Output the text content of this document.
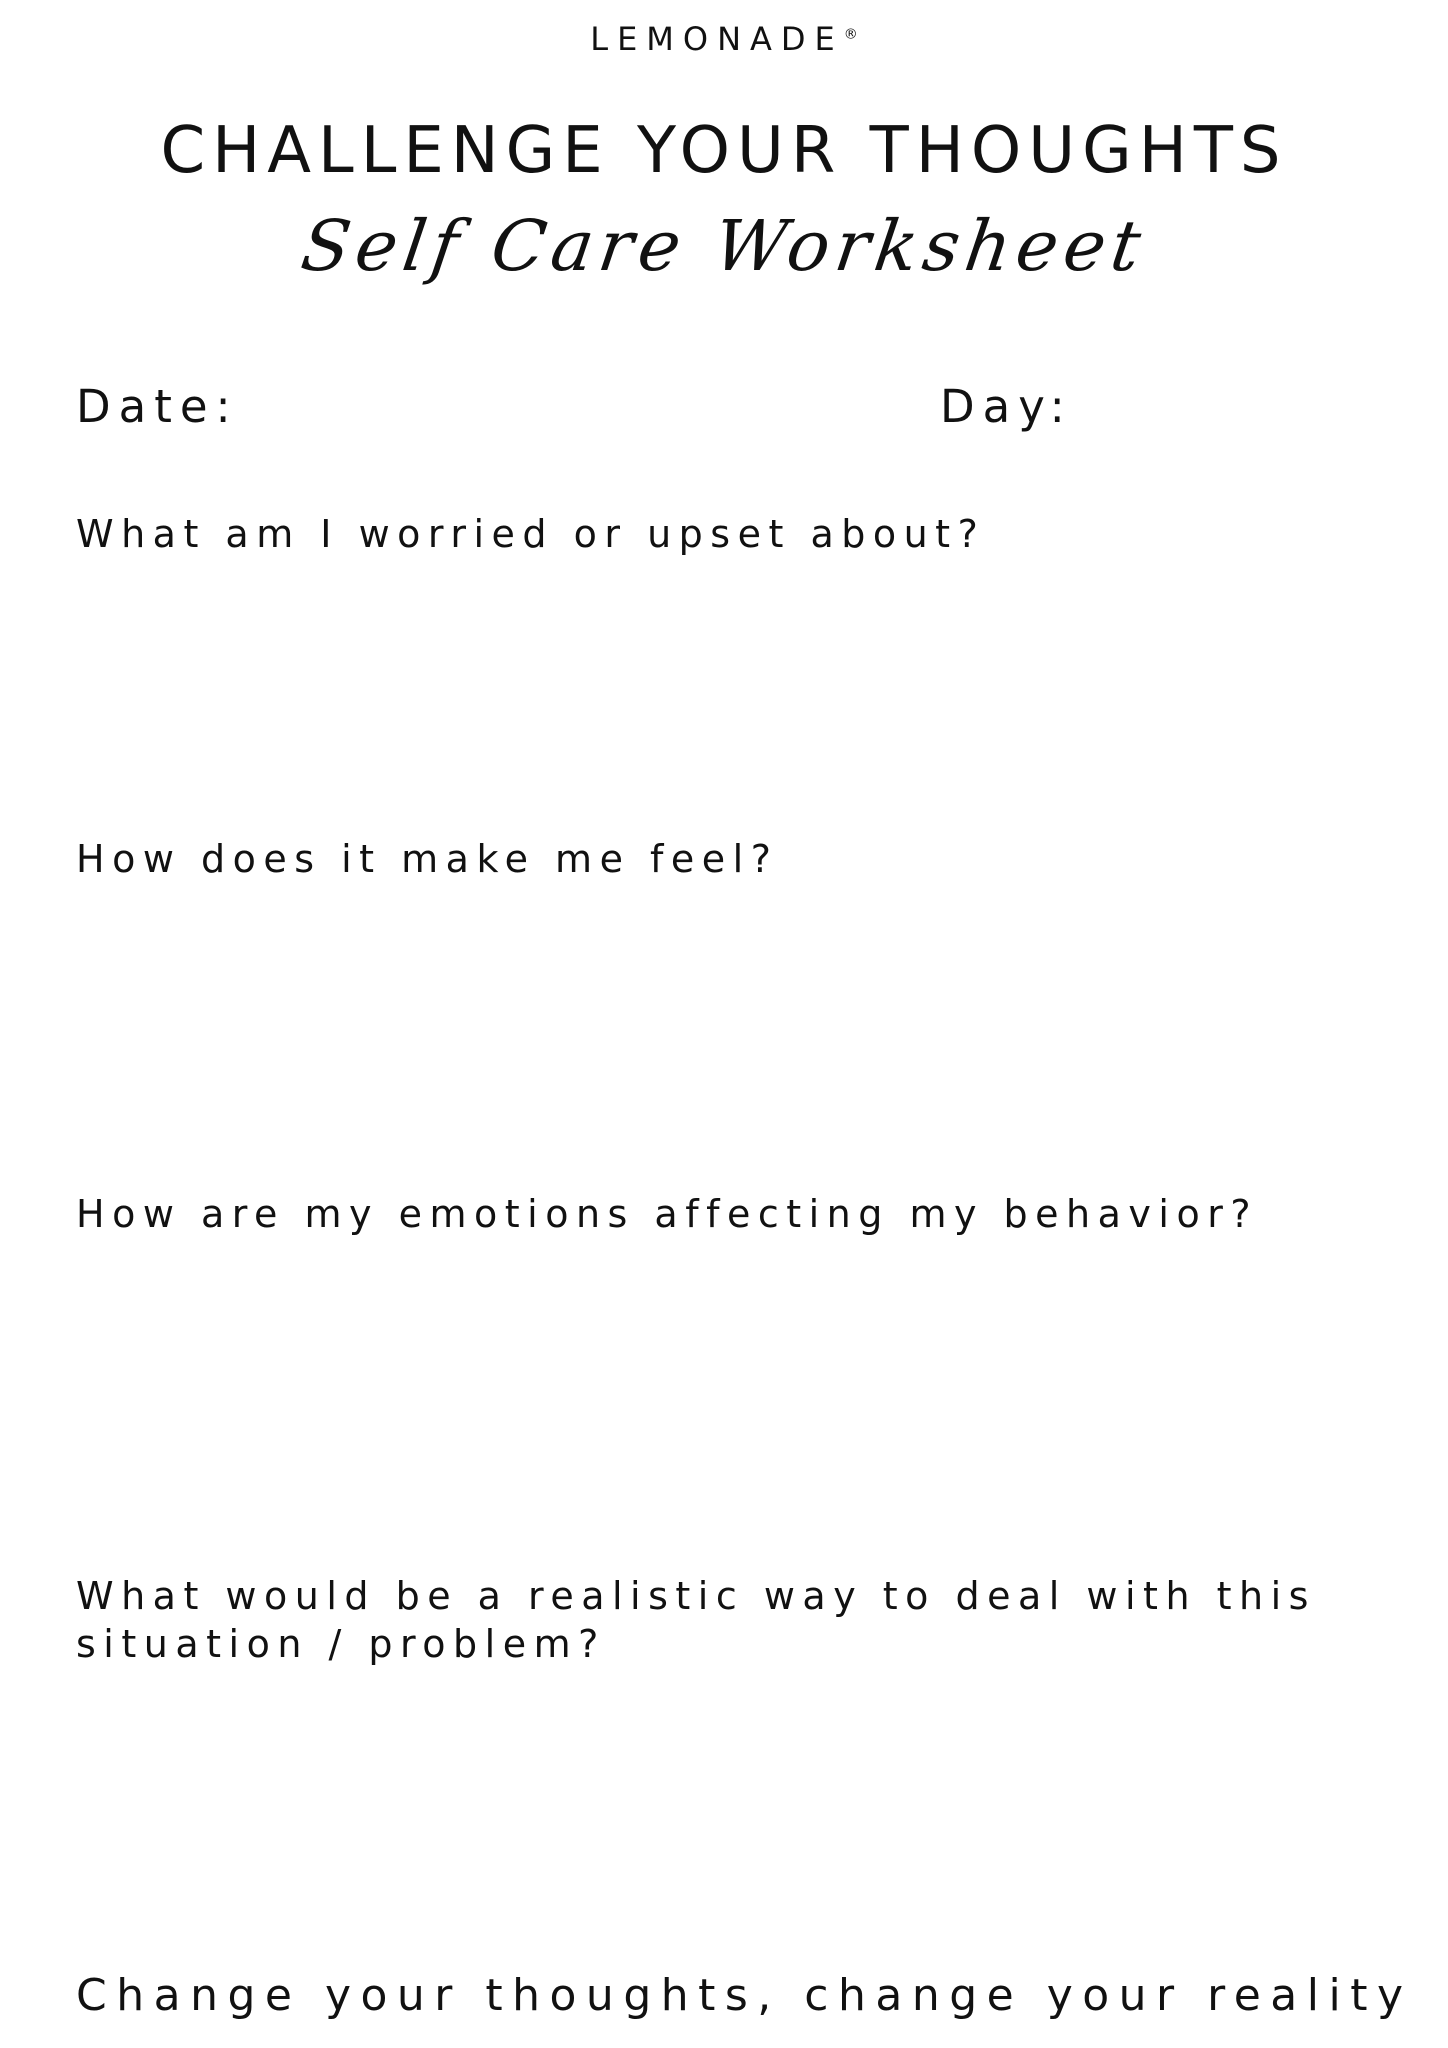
LEMONADE®
CHALLENGE YOUR THOUGHTS
Self Care Worksheet
Date:	Day:
What am I worried or upset about?
How does it make me feel?
How are my emotions affecting my behavior?
What would be a realistic way to deal with this situation / problem?
Change your thoughts, change your reality
